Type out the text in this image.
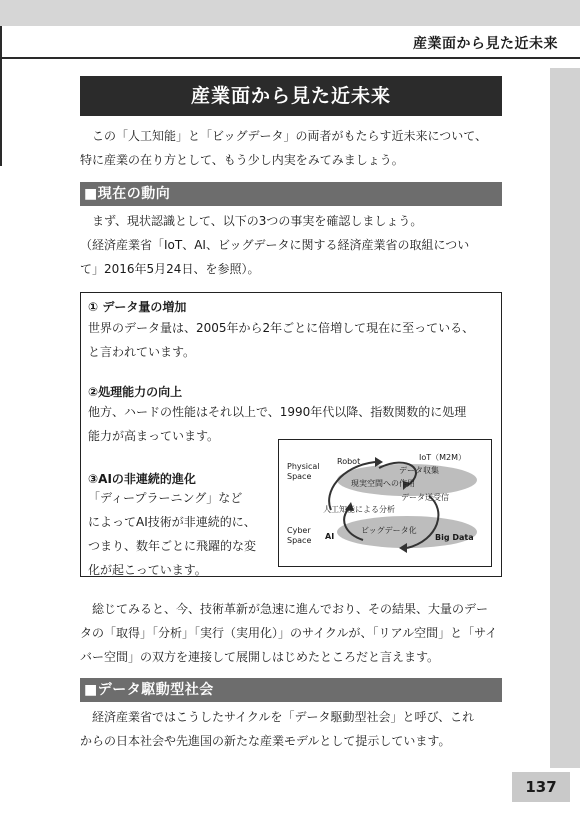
産業面から見た近未来
産業面から見た近未来

この「人工知能」と「ビッグデータ」の両者がもたらす近未来について、
特に産業の在り方として、もう少し内実をみてみましょう。

■現在の動向

まず、現状認識として、以下の3つの事実を確認しましょう。
（経済産業省「IoT、AI、ビッグデータに関する経済産業省の取組につい
て」2016年5月24日、を参照）。

① データ量の増加

世界のデータ量は、2005年から2年ごとに倍増して現在に至っている、
と言われています。

②処理能力の向上

他方、ハードの性能はそれ以上で、1990年代以降、指数関数的に処理
能力が高まっています。

③AIの非連続的進化

「ディープラーニング」など
によってAI技術が非連続的に、
つまり、数年ごとに飛躍的な変
化が起こっています。

Physical
Space
Robot	IoT（M2M）
データ収集
現実空間への作用
データ送受信
人工知能による分析
Cyber
Space AI
ビッグデータ化
Big Data

総じてみると、今、技術革新が急速に進んでおり、その結果、大量のデー
タの「取得」「分析」「実行（実用化）」のサイクルが、「リアル空間」と「サイ
バー空間」の双方を連接して展開しはじめたところだと言えます。

■データ駆動型社会

経済産業省ではこうしたサイクルを「データ駆動型社会」と呼び、これ
からの日本社会や先進国の新たな産業モデルとして提示しています。

137
